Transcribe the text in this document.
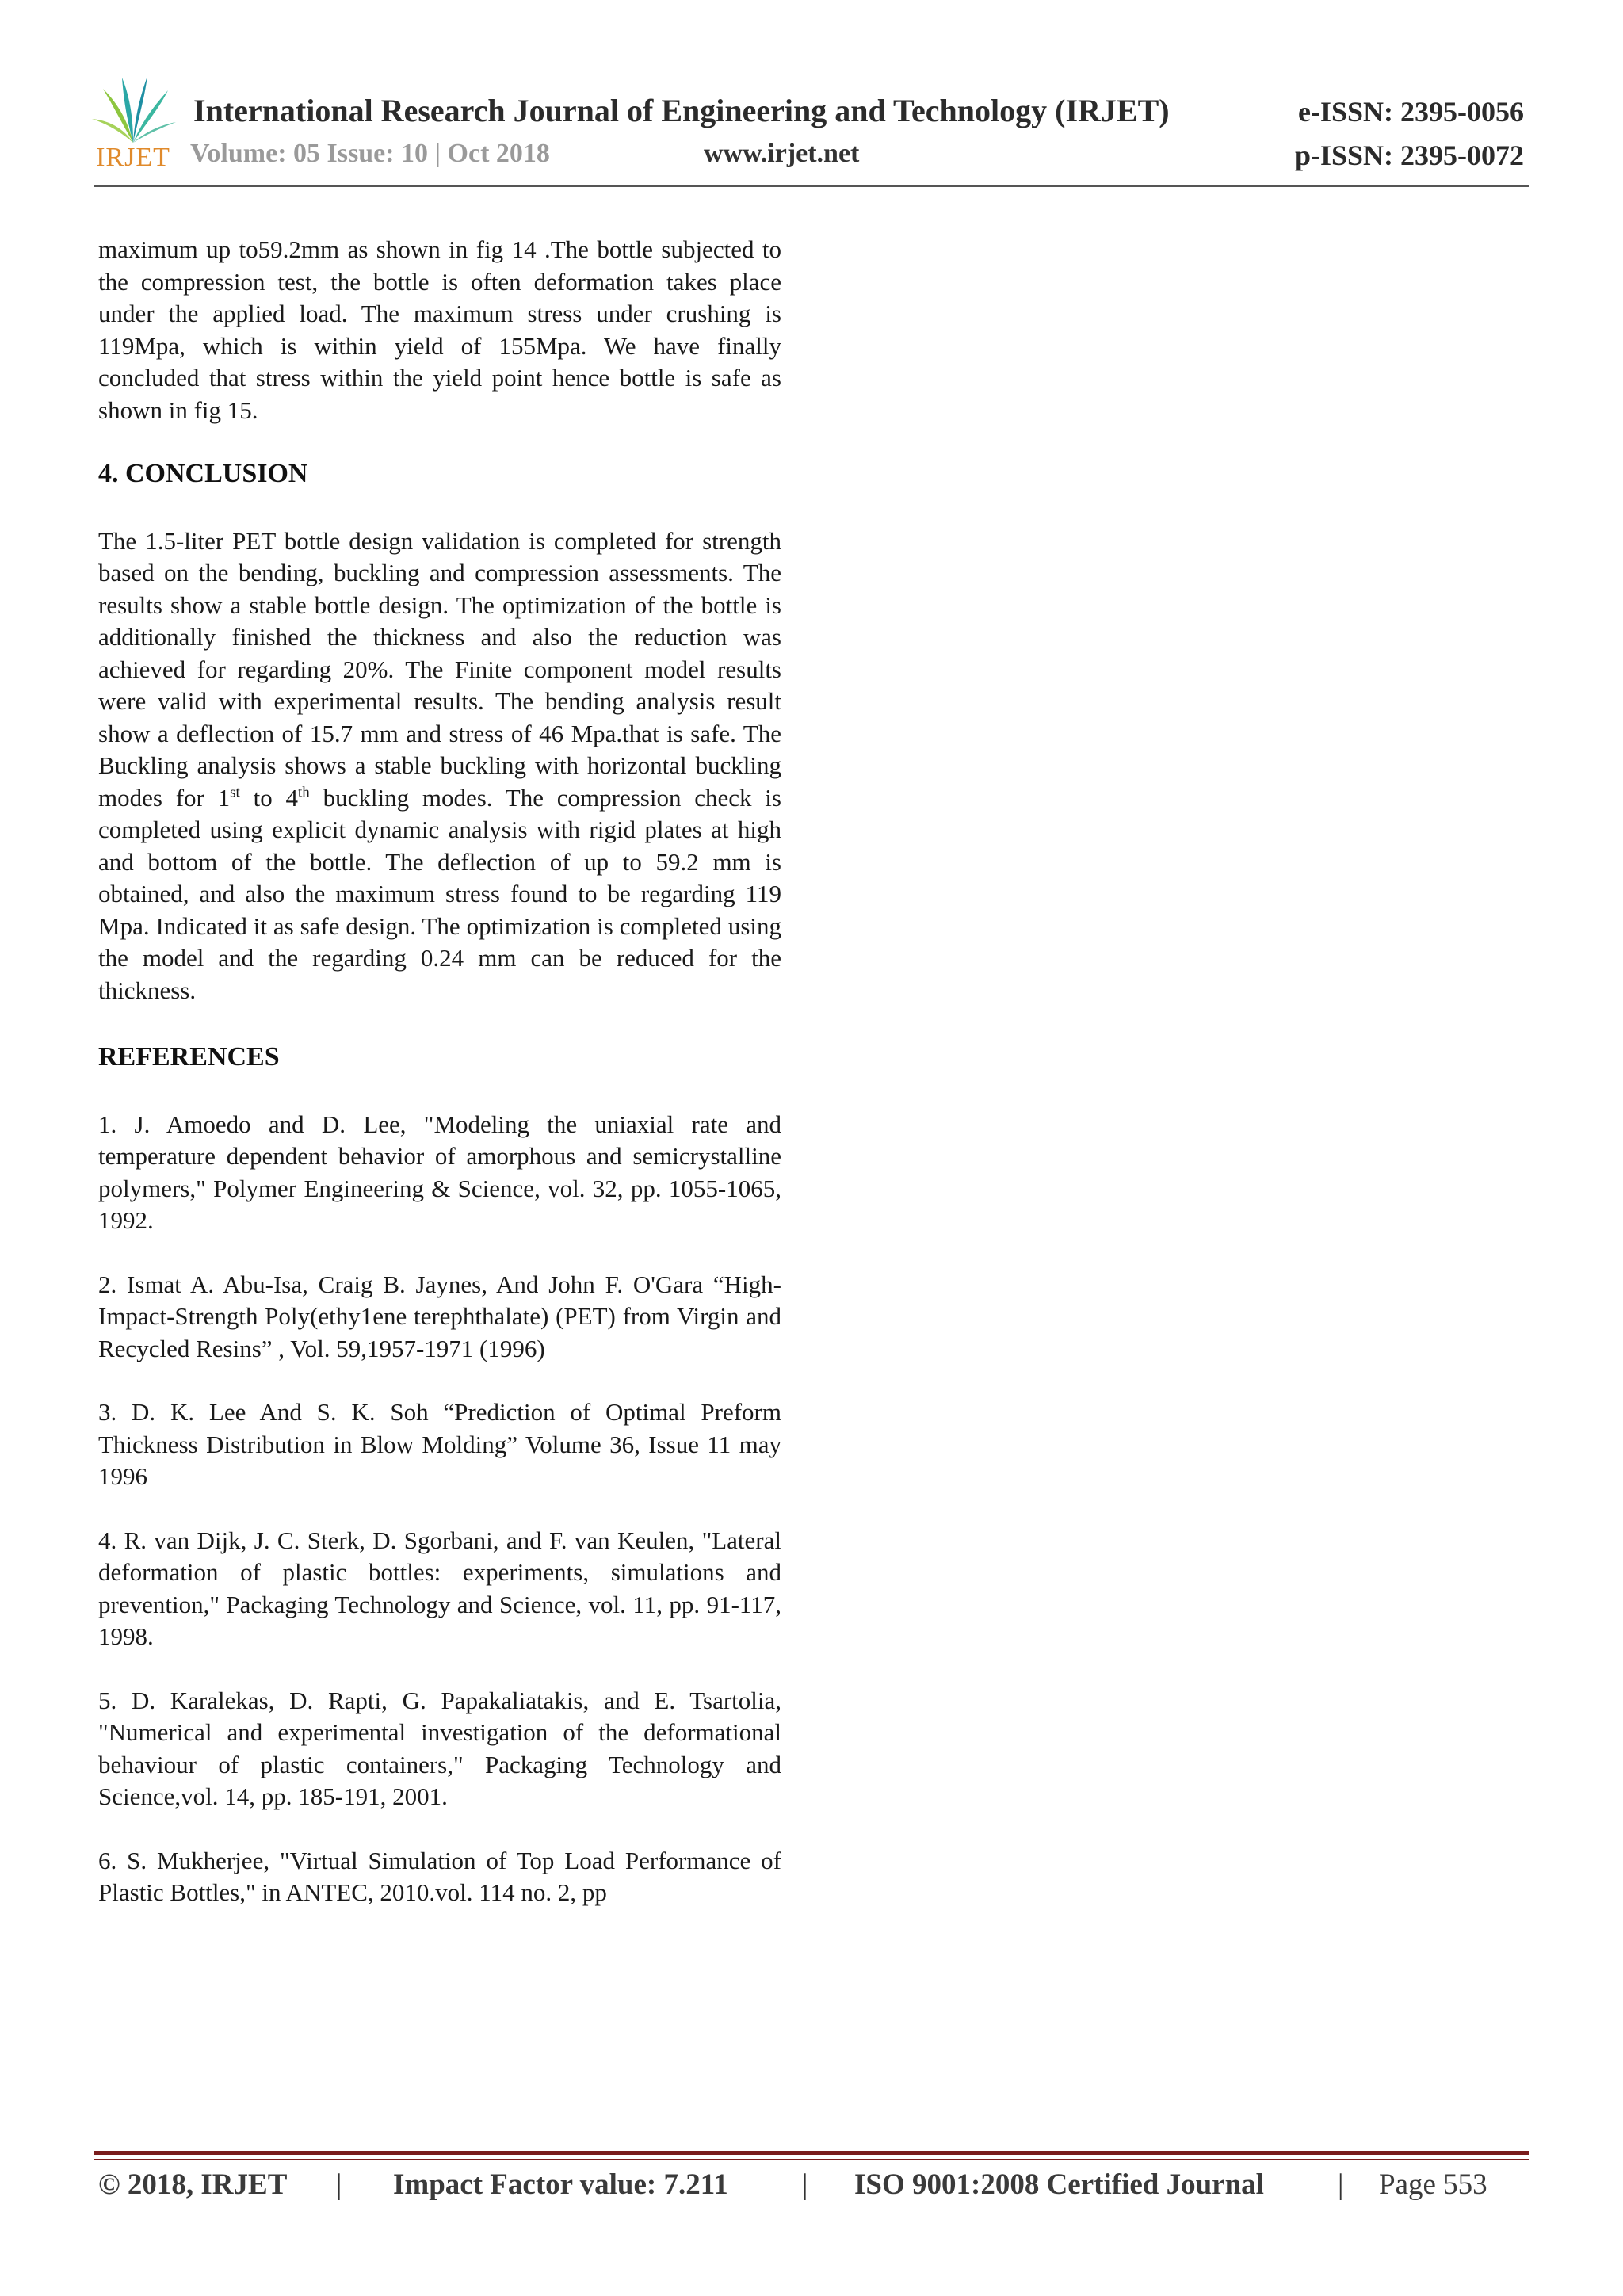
IRJET
International Research Journal of Engineering and Technology (IRJET)
Volume: 05 Issue: 10 | Oct 2018	www.irjet.net
e-ISSN: 2395-0056
p-ISSN: 2395-0072

maximum up to59.2mm as shown in fig 14 .The bottle subjected to the compression test, the bottle is often deformation takes place under the applied load. The maximum stress under crushing is 119Mpa, which is within yield of 155Mpa. We have finally concluded that stress within the yield point hence bottle is safe as shown in fig 15.

4. CONCLUSION

The 1.5-liter PET bottle design validation is completed for strength based on the bending, buckling and compression assessments. The results show a stable bottle design. The optimization of the bottle is additionally finished the thickness and also the reduction was achieved for regarding 20%. The Finite component model results were valid with experimental results. The bending analysis result show a deflection of 15.7 mm and stress of 46 Mpa.that is safe. The Buckling analysis shows a stable buckling with horizontal buckling modes for 1st to 4th buckling modes. The compression check is completed using explicit dynamic analysis with rigid plates at high and bottom of the bottle. The deflection of up to 59.2 mm is obtained, and also the maximum stress found to be regarding 119 Mpa. Indicated it as safe design. The optimization is completed using the model and the regarding 0.24 mm can be reduced for the thickness.

REFERENCES

1. J. Amoedo and D. Lee, "Modeling the uniaxial rate and temperature dependent behavior of amorphous and semicrystalline polymers," Polymer Engineering & Science, vol. 32, pp. 1055-1065, 1992.

2. Ismat A. Abu-Isa, Craig B. Jaynes, And John F. O'Gara “High-Impact-Strength Poly(ethy1ene terephthalate) (PET) from Virgin and Recycled Resins” , Vol. 59,1957-1971 (1996)

3. D. K. Lee And S. K. Soh “Prediction of Optimal Preform Thickness Distribution in Blow Molding” Volume 36, Issue 11 may 1996

4. R. van Dijk, J. C. Sterk, D. Sgorbani, and F. van Keulen, "Lateral deformation of plastic bottles: experiments, simulations and prevention," Packaging Technology and Science, vol. 11, pp. 91-117, 1998.

5. D. Karalekas, D. Rapti, G. Papakaliatakis, and E. Tsartolia, "Numerical and experimental investigation of the deformational behaviour of plastic containers," Packaging Technology and Science,vol. 14, pp. 185-191, 2001.

6. S. Mukherjee, "Virtual Simulation of Top Load Performance of Plastic Bottles," in ANTEC, 2010.vol. 114 no. 2, pp

© 2018, IRJET | Impact Factor value: 7.211	| ISO 9001:2008 Certified Journal	| Page 553
